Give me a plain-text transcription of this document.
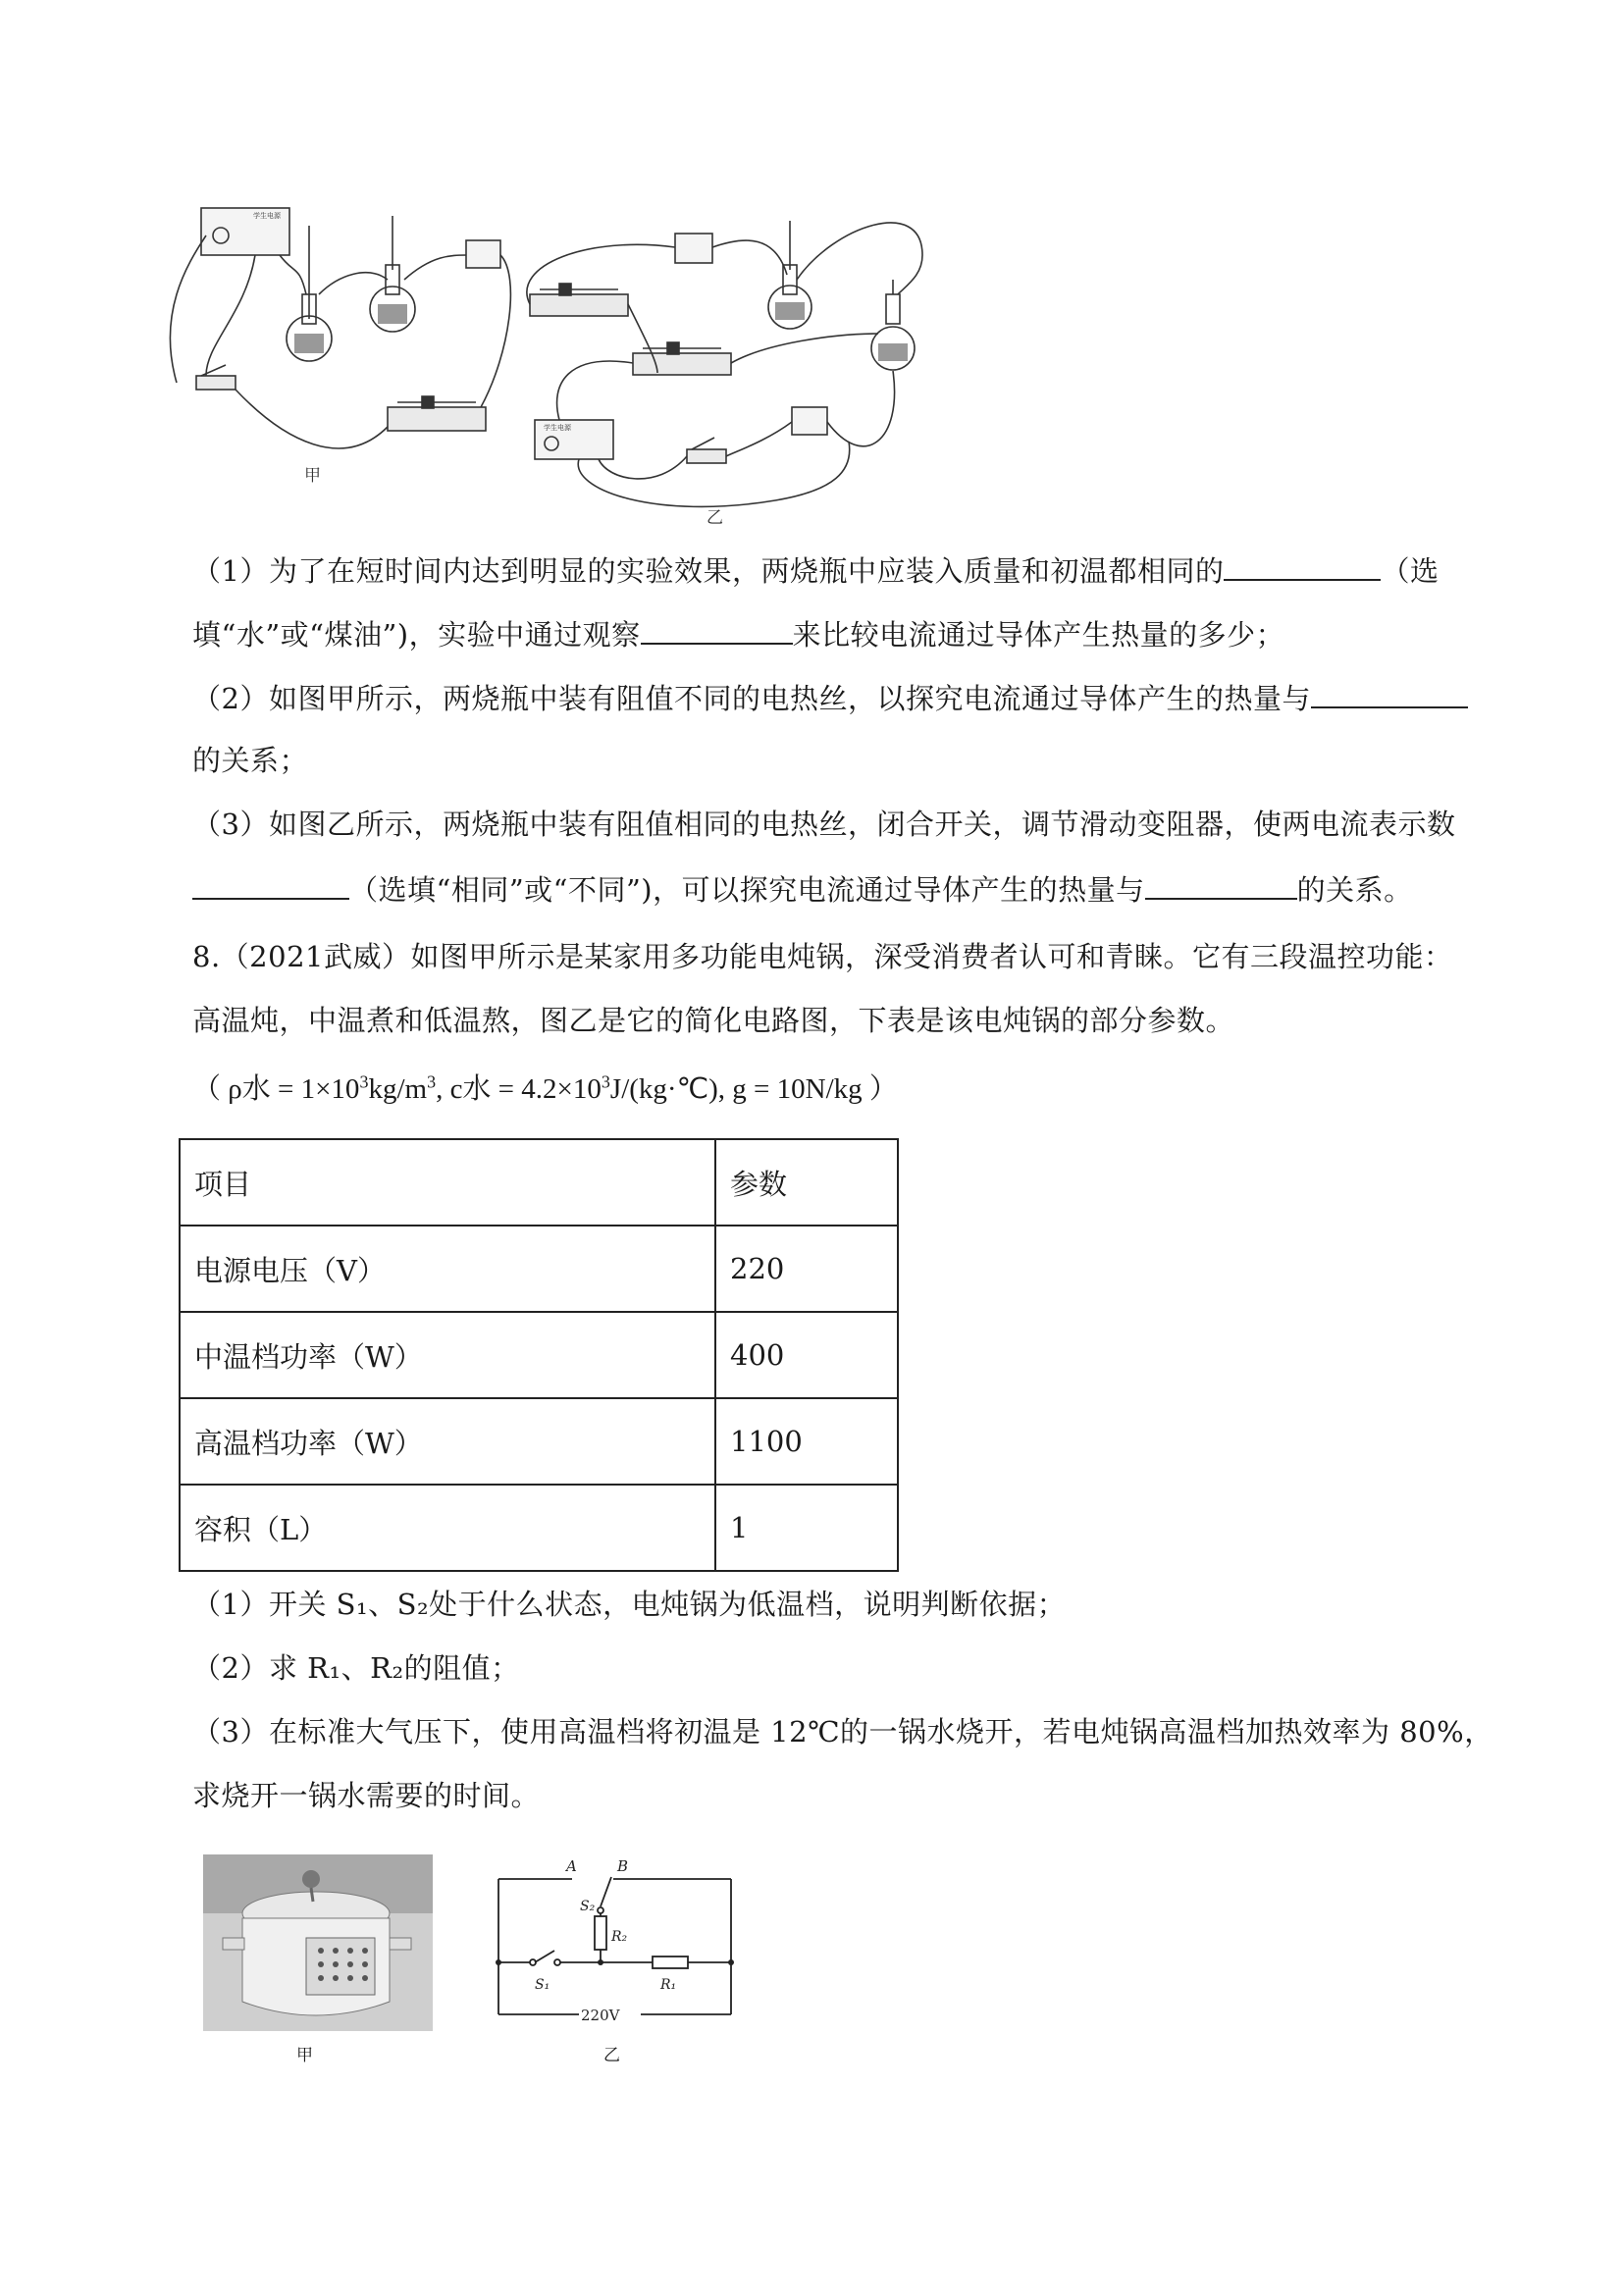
学生电源
学生电源
甲
乙
（1）为了在短时间内达到明显的实验效果，两烧瓶中应装入质量和初温都相同的	（选
填“水”或“煤油”)，实验中通过观察	来比较电流通过导体产生热量的多少；
（2）如图甲所示，两烧瓶中装有阻值不同的电热丝，以探究电流通过导体产生的热量与
的关系；
（3）如图乙所示，两烧瓶中装有阻值相同的电热丝，闭合开关，调节滑动变阻器，使两电流表示数
（选填“相同”或“不同”)，可以探究电流通过导体产生的热量与	的关系。
8.（2021武威）如图甲所示是某家用多功能电炖锅，深受消费者认可和青睐。它有三段温控功能：
高温炖，中温煮和低温熬，图乙是它的简化电路图，下表是该电炖锅的部分参数。
（ ρ水 = $1\times 10^3kg/m^3$, c水 = $4.2\times 10^3J/(kg\cdot℃)$, g = 10N/kg ）
项目	参数
电源电压（V）	220
中温档功率（W）	400
高温档功率（W）	1100
容积（L）	1
（1）开关 S₁、S₂处于什么状态，电炖锅为低温档，说明判断依据；
（2）求 R₁、R₂的阻值；
（3）在标准大气压下，使用高温档将初温是 12℃的一锅水烧开，若电炖锅高温档加热效率为 80%，
求烧开一锅水需要的时间。
甲
A	B
S₂
R₂
S₁	R₁
220V
乙
